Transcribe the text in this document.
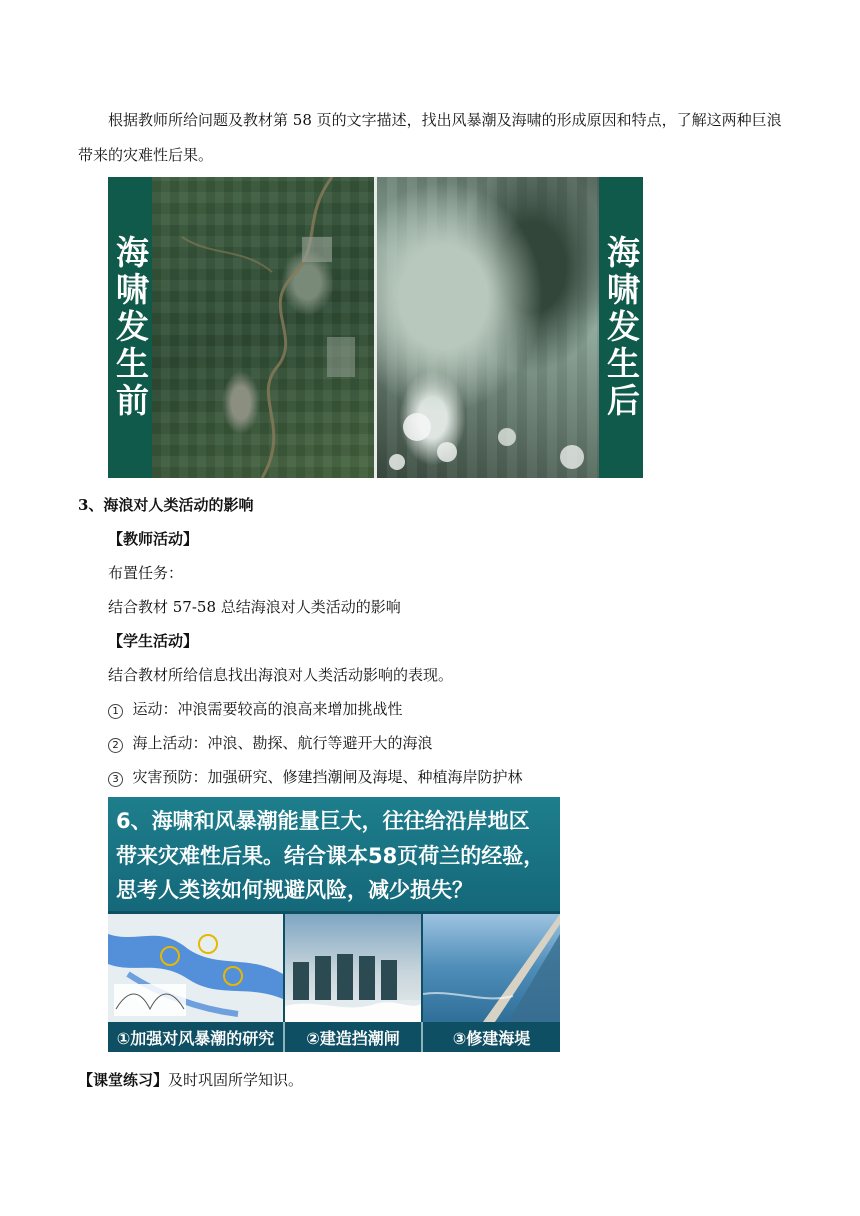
根据教师所给问题及教材第 58 页的文字描述，找出风暴潮及海啸的形成原因和特点，了解这两种巨浪
带来的灾难性后果。
海啸发生前	海啸发生后
3、海浪对人类活动的影响
【教师活动】
布置任务：
结合教材 57-58 总结海浪对人类活动的影响
【学生活动】
结合教材所给信息找出海浪对人类活动影响的表现。
1 运动：冲浪需要较高的浪高来增加挑战性
2 海上活动：冲浪、勘探、航行等避开大的海浪
3 灾害预防：加强研究、修建挡潮闸及海堤、种植海岸防护林
6、海啸和风暴潮能量巨大，往往给沿岸地区
带来灾难性后果。结合课本58页荷兰的经验，
思考人类该如何规避风险，减少损失？
①加强对风暴潮的研究	②建造挡潮闸	③修建海堤
【课堂练习】及时巩固所学知识。
